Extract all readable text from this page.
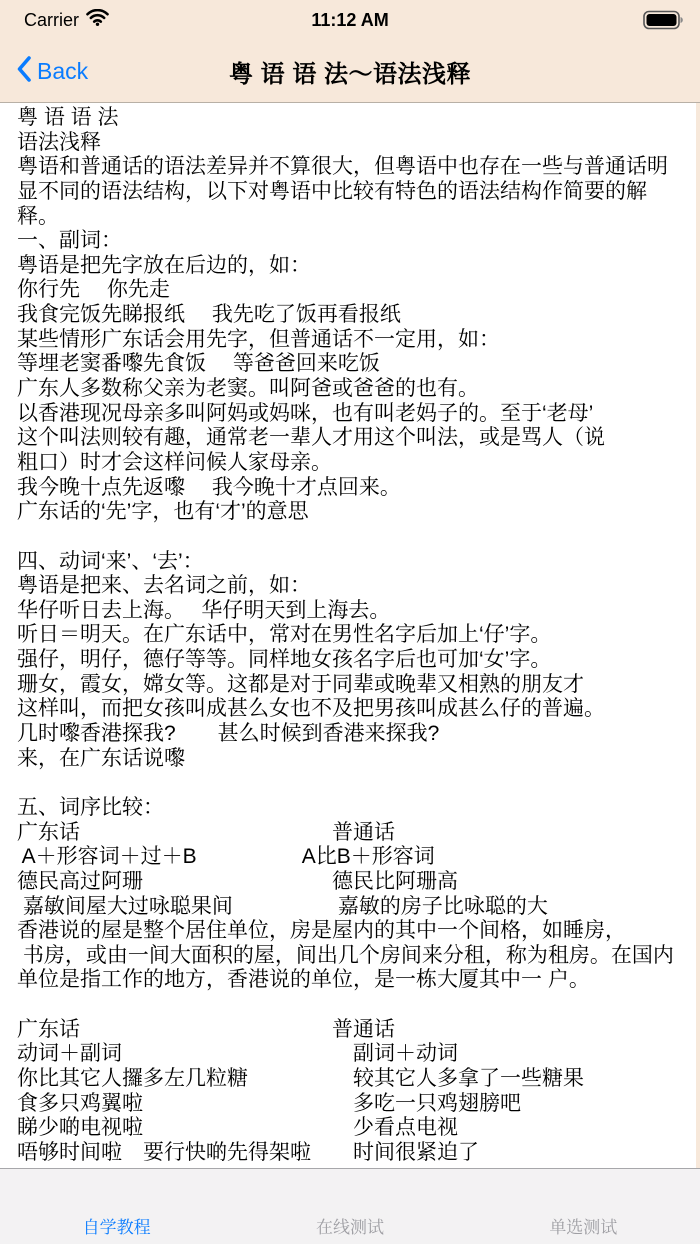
Carrier	11:12 AM
Back	粤 语 语 法～语法浅释
粤 语 语 法
语法浅释
粤语和普通话的语法差异并不算很大，但粤语中也存在一些与普通话明
显不同的语法结构，以下对粤语中比较有特色的语法结构作简要的解
释。
一、副词：
粤语是把先字放在后边的，如：
你行先　 你先走
我食完饭先睇报纸　 我先吃了饭再看报纸
某些情形广东话会用先字，但普通话不一定用，如：
等埋老窦番嚟先食饭　 等爸爸回来吃饭
广东人多数称父亲为老窦。叫阿爸或爸爸的也有。
以香港现况母亲多叫阿妈或妈咪，也有叫老妈子的。至于‘老母’
这个叫法则较有趣，通常老一辈人才用这个叫法，或是骂人（说
粗口）时才会这样问候人家母亲。
我今晚十点先返嚟　 我今晚十才点回来。
广东话的‘先’字，也有‘才’的意思
四、动词‘来’、‘去’：
粤语是把来、去名词之前，如：
华仔听日去上海。　 华仔明天到上海去。
听日＝明天。在广东话中，常对在男性名字后加上‘仔’字。
强仔，明仔，德仔等等。同样地女孩名字后也可加‘女’字。
珊女，霞女，嫦女等。这都是对于同辈或晚辈又相熟的朋友才
这样叫，而把女孩叫成甚么女也不及把男孩叫成甚么仔的普遍。
几时嚟香港探我?　　甚么时候到香港来探我?
来，在广东话说嚟
五、词序比较：
广东话　　　　　　　　　　　　普通话
A＋形容词＋过＋B　　　　　A比B＋形容词
德民高过阿珊　　　　　　　　　德民比阿珊高
嘉敏间屋大过咏聪果间　　　　　嘉敏的房子比咏聪的大
香港说的屋是整个居住单位，房是屋内的其中一个间格，如睡房，
书房，或由一间大面积的屋，间出几个房间来分租，称为租房。在国内
单位是指工作的地方，香港说的单位，是一栋大厦其中一 户。
广东话　　　　　　　　　　　　普通话
动词＋副词　　　　　　　　　　　副词＋动词
你比其它人攞多左几粒糖　　　　　较其它人多拿了一些糖果
食多只鸡翼啦　　　　　　　　　　多吃一只鸡翅膀吧
睇少啲电视啦　　　　　　　　　　少看点电视
唔够时间啦　要行快啲先得架啦　　时间很紧迫了
自学教程	在线测试	单选测试
